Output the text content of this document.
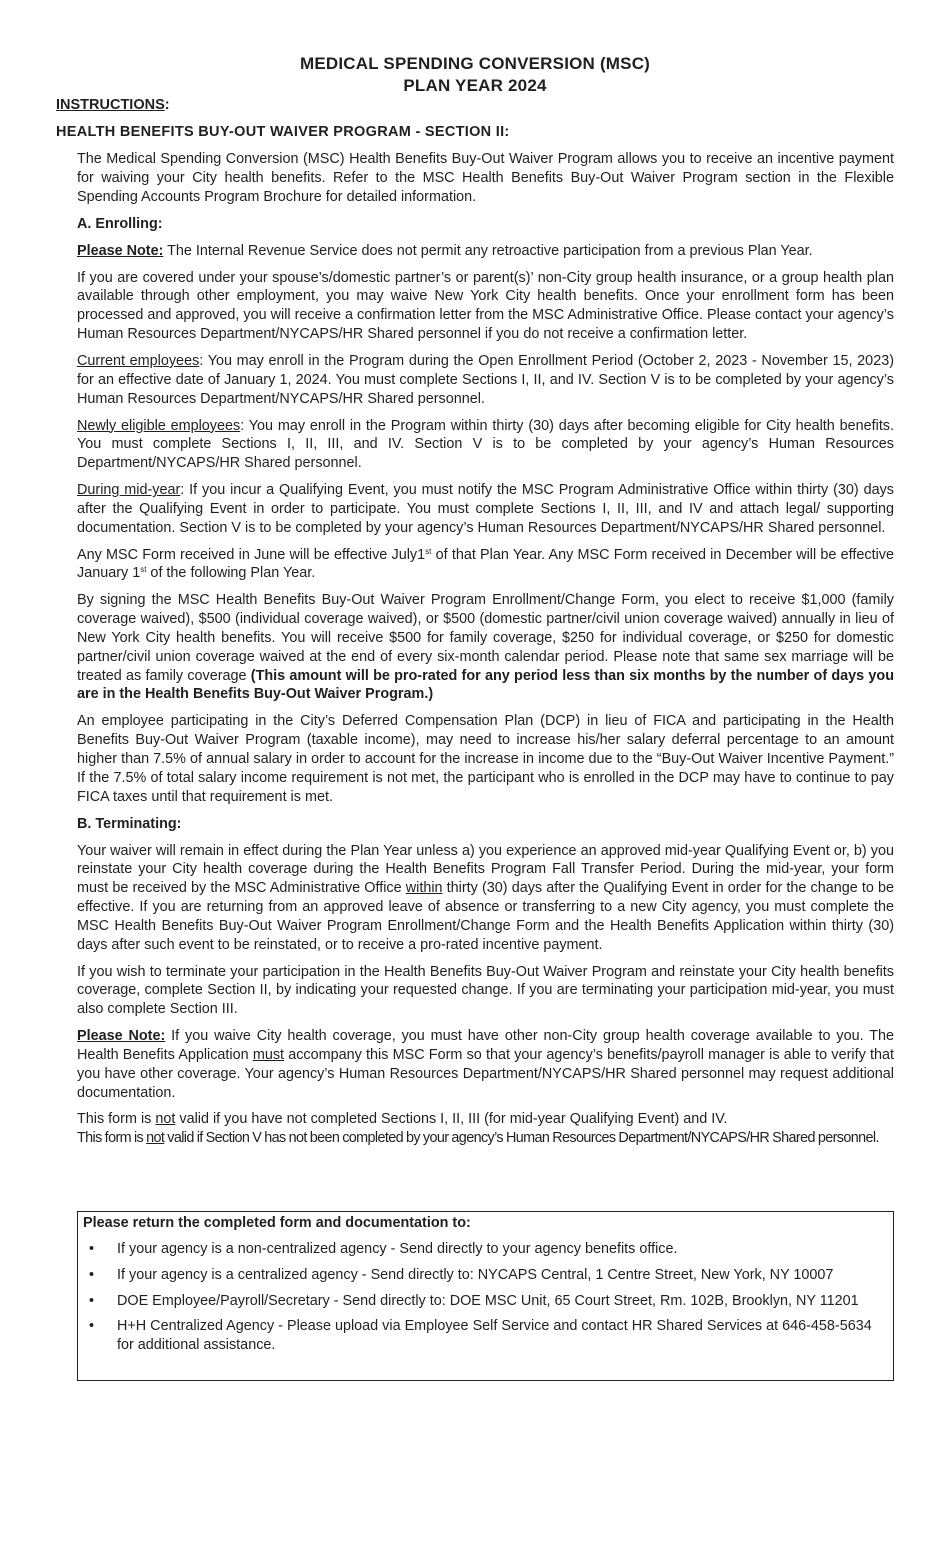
MEDICAL SPENDING CONVERSION (MSC)
PLAN YEAR 2024
INSTRUCTIONS:
HEALTH BENEFITS BUY-OUT WAIVER PROGRAM - SECTION II:

The Medical Spending Conversion (MSC) Health Benefits Buy-Out Waiver Program allows you to receive an incentive payment for waiving your City health benefits. Refer to the MSC Health Benefits Buy-Out Waiver Program section in the Flexible Spending Accounts Program Brochure for detailed information.

A. Enrolling:

Please Note: The Internal Revenue Service does not permit any retroactive participation from a previous Plan Year.

If you are covered under your spouse’s/domestic partner’s or parent(s)’ non-City group health insurance, or a group health plan available through other employment, you may waive New York City health benefits. Once your enrollment form has been processed and approved, you will receive a confirmation letter from the MSC Administrative Office. Please contact your agency’s Human Resources Department/NYCAPS/HR Shared personnel if you do not receive a confirmation letter.

Current employees: You may enroll in the Program during the Open Enrollment Period (October 2, 2023 - November 15, 2023) for an effective date of January 1, 2024. You must complete Sections I, II, and IV. Section V is to be completed by your agency’s Human Resources Department/NYCAPS/HR Shared personnel.

Newly eligible employees: You may enroll in the Program within thirty (30) days after becoming eligible for City health benefits. You must complete Sections I, II, III, and IV. Section V is to be completed by your agency’s Human Resources Department/NYCAPS/HR Shared personnel.

During mid-year: If you incur a Qualifying Event, you must notify the MSC Program Administrative Office within thirty (30) days after the Qualifying Event in order to participate. You must complete Sections I, II, III, and IV and attach legal/ supporting documentation. Section V is to be completed by your agency’s Human Resources Department/NYCAPS/HR Shared personnel.

Any MSC Form received in June will be effective July1st of that Plan Year. Any MSC Form received in December will be effective January 1st of the following Plan Year.

By signing the MSC Health Benefits Buy-Out Waiver Program Enrollment/Change Form, you elect to receive $1,000 (family coverage waived), $500 (individual coverage waived), or $500 (domestic partner/civil union coverage waived) annually in lieu of New York City health benefits. You will receive $500 for family coverage, $250 for individual coverage, or $250 for domestic partner/civil union coverage waived at the end of every six-month calendar period. Please note that same sex marriage will be treated as family coverage (This amount will be pro-rated for any period less than six months by the number of days you are in the Health Benefits Buy-Out Waiver Program.)

An employee participating in the City’s Deferred Compensation Plan (DCP) in lieu of FICA and participating in the Health Benefits Buy-Out Waiver Program (taxable income), may need to increase his/her salary deferral percentage to an amount higher than 7.5% of annual salary in order to account for the increase in income due to the “Buy-Out Waiver Incentive Payment.” If the 7.5% of total salary income requirement is not met, the participant who is enrolled in the DCP may have to continue to pay FICA taxes until that requirement is met.

B. Terminating:

Your waiver will remain in effect during the Plan Year unless a) you experience an approved mid-year Qualifying Event or, b) you reinstate your City health coverage during the Health Benefits Program Fall Transfer Period. During the mid-year, your form must be received by the MSC Administrative Office within thirty (30) days after the Qualifying Event in order for the change to be effective. If you are returning from an approved leave of absence or transferring to a new City agency, you must complete the MSC Health Benefits Buy-Out Waiver Program Enrollment/Change Form and the Health Benefits Application within thirty (30) days after such event to be reinstated, or to receive a pro-rated incentive payment.

If you wish to terminate your participation in the Health Benefits Buy-Out Waiver Program and reinstate your City health benefits coverage, complete Section II, by indicating your requested change. If you are terminating your participation mid-year, you must also complete Section III.

Please Note: If you waive City health coverage, you must have other non-City group health coverage available to you. The Health Benefits Application must accompany this MSC Form so that your agency’s benefits/payroll manager is able to verify that you have other coverage. Your agency’s Human Resources Department/NYCAPS/HR Shared personnel may request additional documentation.

This form is not valid if you have not completed Sections I, II, III (for mid-year Qualifying Event) and IV.
This form is not valid if Section V has not been completed by your agency’s Human Resources Department/NYCAPS/HR Shared personnel.

Please return the completed form and documentation to:
• If your agency is a non-centralized agency - Send directly to your agency benefits office.
• If your agency is a centralized agency - Send directly to: NYCAPS Central, 1 Centre Street, New York, NY 10007
• DOE Employee/Payroll/Secretary - Send directly to: DOE MSC Unit, 65 Court Street, Rm. 102B, Brooklyn, NY 11201
• H+H Centralized Agency - Please upload via Employee Self Service and contact HR Shared Services at 646-458-5634 for additional assistance.
